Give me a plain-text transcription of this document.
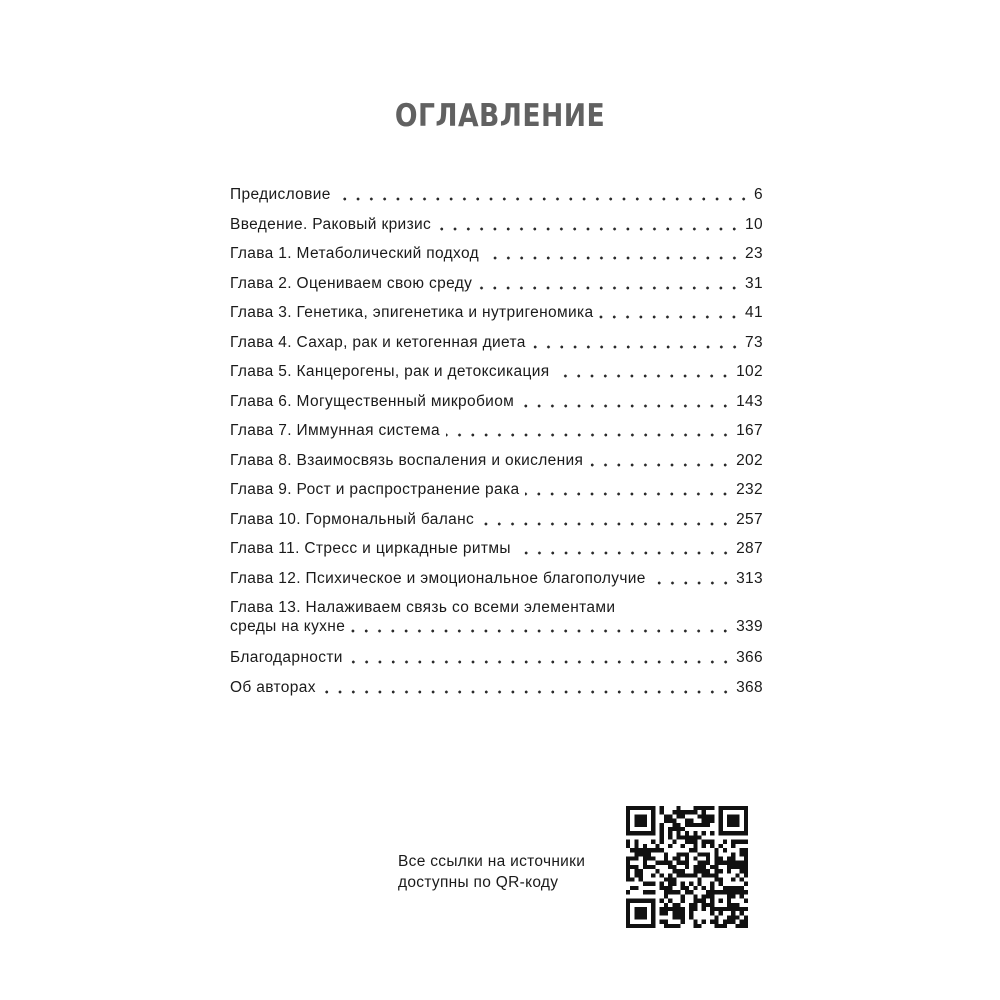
ОГЛАВЛЕНИЕ
Предисловие	6
Введение. Раковый кризис	10
Глава 1. Метаболический подход	23
Глава 2. Оцениваем свою среду	31
Глава 3. Генетика, эпигенетика и нутригеномика	41
Глава 4. Сахар, рак и кетогенная диета	73
Глава 5. Канцерогены, рак и детоксикация	102
Глава 6. Могущественный микробиом	143
Глава 7. Иммунная система	167
Глава 8. Взаимосвязь воспаления и окисления	202
Глава 9. Рост и распространение рака	232
Глава 10. Гормональный баланс	257
Глава 11. Стресс и циркадные ритмы	287
Глава 12. Психическое и эмоциональное благополучие	313
Глава 13. Налаживаем связь со всеми элементами
среды на кухне	339
Благодарности	366
Об авторах	368
Все ссылки на источники
доступны по QR-коду
